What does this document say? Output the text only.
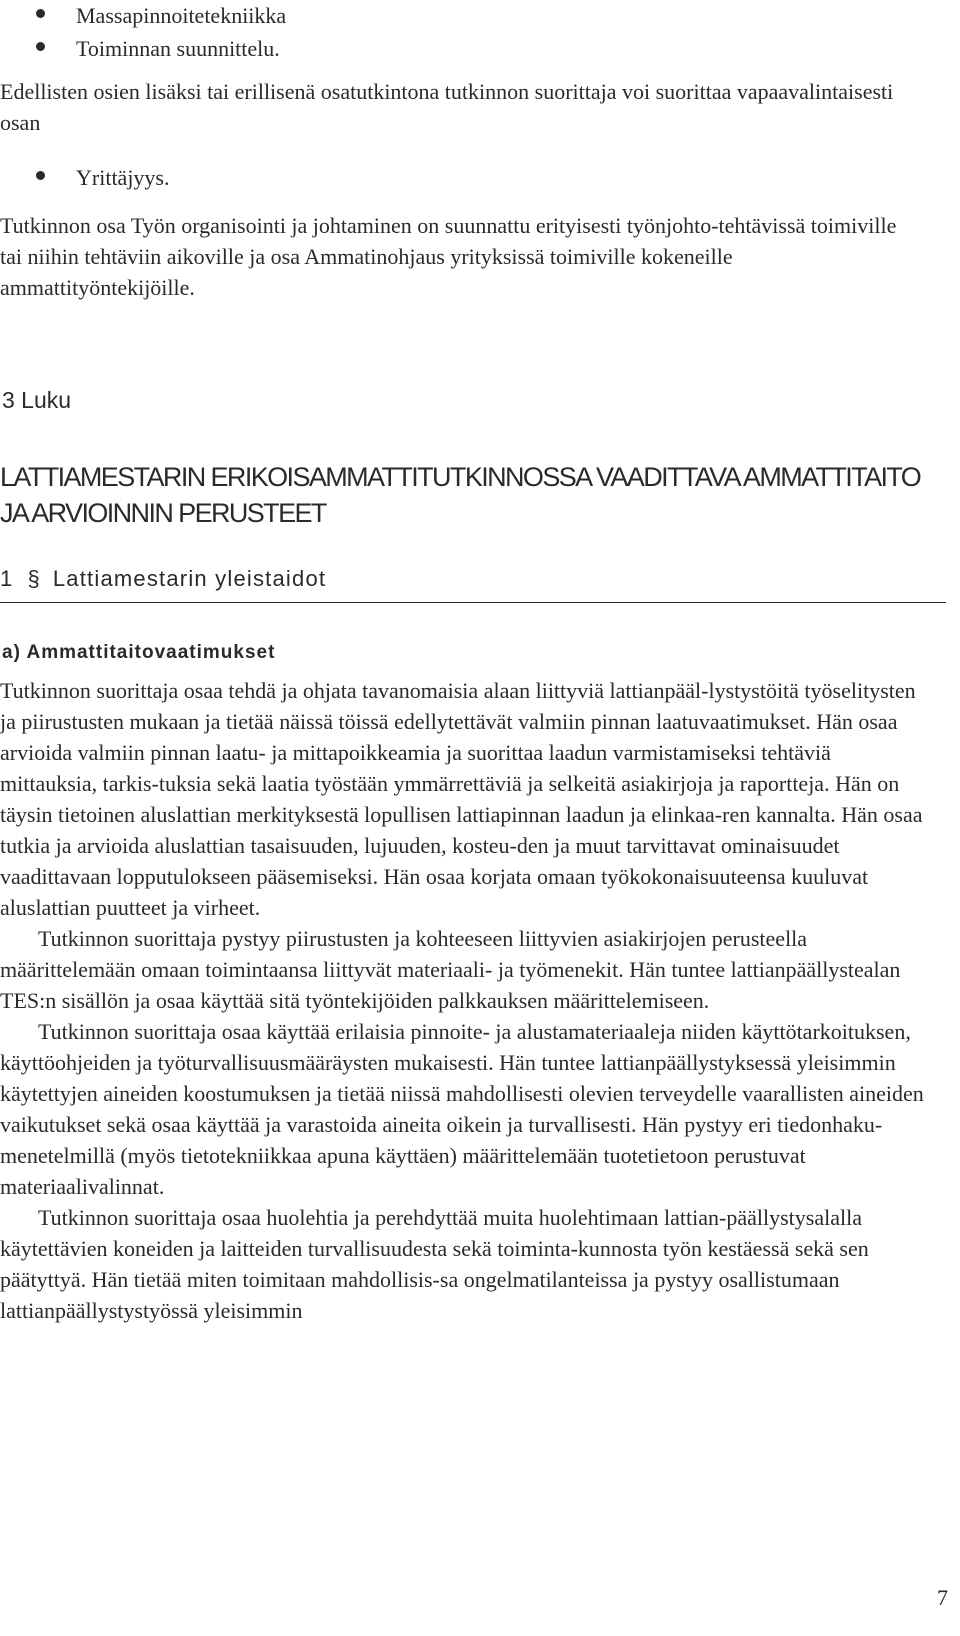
Massapinnoitetekniikka
Toiminnan suunnittelu.
Edellisten osien lisäksi tai erillisenä osatutkintona tutkinnon suorittaja voi suorittaa vapaavalintaisesti osan
Yrittäjyys.
Tutkinnon osa Työn organisointi ja johtaminen on suunnattu erityisesti työnjohto-tehtävissä toimiville tai niihin tehtäviin aikoville ja osa Ammatinohjaus yrityksissä toimiville kokeneille ammattityöntekijöille.
3 Luku
LATTIAMESTARIN ERIKOISAMMATTITUTKINNOSSA VAADITTAVA AMMATTITAITO JA ARVIOINNIN PERUSTEET
1 § Lattiamestarin yleistaidot
a) Ammattitaitovaatimukset

Tutkinnon suorittaja osaa tehdä ja ohjata tavanomaisia alaan liittyviä lattianpääl-lystystöitä työselitysten ja piirustusten mukaan ja tietää näissä töissä edellytettävät valmiin pinnan laatuvaatimukset. Hän osaa arvioida valmiin pinnan laatu- ja mittapoikkeamia ja suorittaa laadun varmistamiseksi tehtäviä mittauksia, tarkis-tuksia sekä laatia työstään ymmärrettäviä ja selkeitä asiakirjoja ja raportteja. Hän on täysin tietoinen aluslattian merkityksestä lopullisen lattiapinnan laadun ja elinkaa-ren kannalta. Hän osaa tutkia ja arvioida aluslattian tasaisuuden, lujuuden, kosteu-den ja muut tarvittavat ominaisuudet vaadittavaan lopputulokseen pääsemiseksi. Hän osaa korjata omaan työkokonaisuuteensa kuuluvat aluslattian puutteet ja virheet.

Tutkinnon suorittaja pystyy piirustusten ja kohteeseen liittyvien asiakirjojen perusteella määrittelemään omaan toimintaansa liittyvät materiaali- ja työmenekit. Hän tuntee lattianpäällystealan TES:n sisällön ja osaa käyttää sitä työntekijöiden palkkauksen määrittelemiseen.

Tutkinnon suorittaja osaa käyttää erilaisia pinnoite- ja alustamateriaaleja niiden käyttötarkoituksen, käyttöohjeiden ja työturvallisuusmääräysten mukaisesti. Hän tuntee lattianpäällystyksessä yleisimmin käytettyjen aineiden koostumuksen ja tietää niissä mahdollisesti olevien terveydelle vaarallisten aineiden vaikutukset sekä osaa käyttää ja varastoida aineita oikein ja turvallisesti. Hän pystyy eri tiedonhaku-menetelmillä (myös tietotekniikkaa apuna käyttäen) määrittelemään tuotetietoon perustuvat materiaalivalinnat.

Tutkinnon suorittaja osaa huolehtia ja perehdyttää muita huolehtimaan lattian-päällystysalalla käytettävien koneiden ja laitteiden turvallisuudesta sekä toiminta-kunnosta työn kestäessä sekä sen päätyttyä. Hän tietää miten toimitaan mahdollisis-sa ongelmatilanteissa ja pystyy osallistumaan lattianpäällystystyössä yleisimmin

7
